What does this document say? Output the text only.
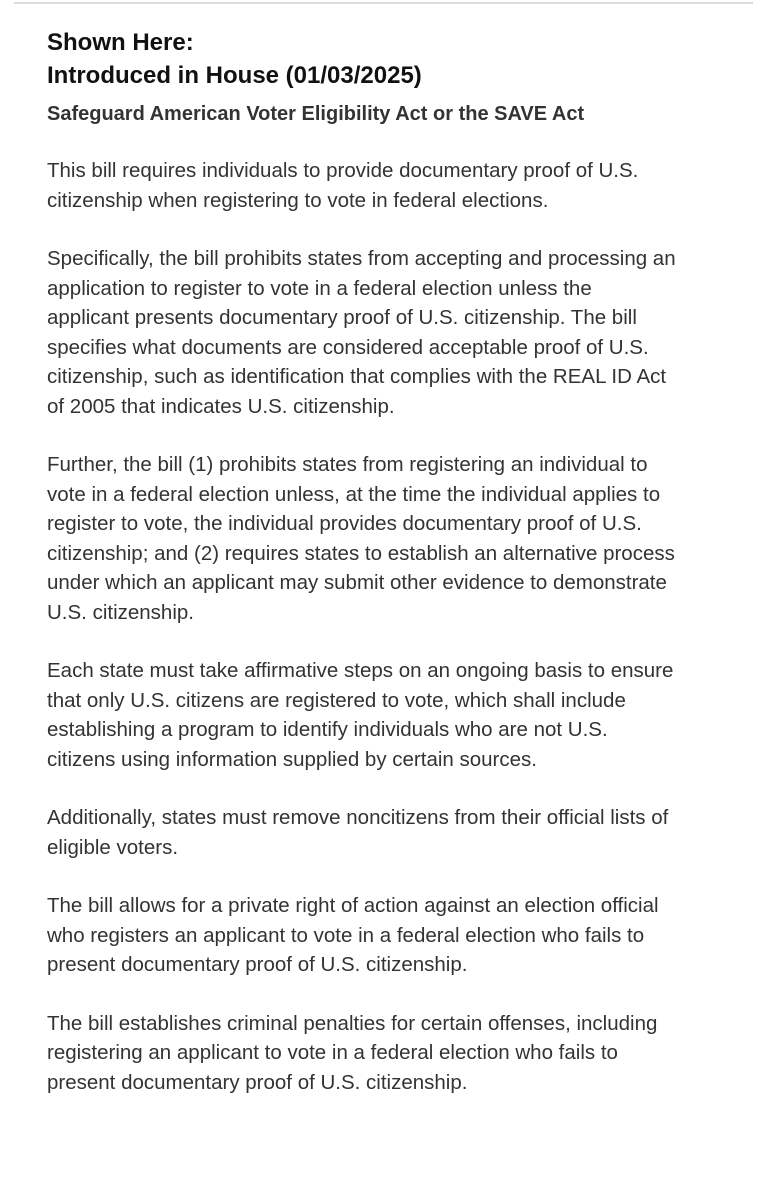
Shown Here:
Introduced in House (01/03/2025)
Safeguard American Voter Eligibility Act or the SAVE Act

This bill requires individuals to provide documentary proof of U.S.
citizenship when registering to vote in federal elections.

Specifically, the bill prohibits states from accepting and processing an
application to register to vote in a federal election unless the
applicant presents documentary proof of U.S. citizenship. The bill
specifies what documents are considered acceptable proof of U.S.
citizenship, such as identification that complies with the REAL ID Act
of 2005 that indicates U.S. citizenship.

Further, the bill (1) prohibits states from registering an individual to
vote in a federal election unless, at the time the individual applies to
register to vote, the individual provides documentary proof of U.S.
citizenship; and (2) requires states to establish an alternative process
under which an applicant may submit other evidence to demonstrate
U.S. citizenship.

Each state must take affirmative steps on an ongoing basis to ensure
that only U.S. citizens are registered to vote, which shall include
establishing a program to identify individuals who are not U.S.
citizens using information supplied by certain sources.

Additionally, states must remove noncitizens from their official lists of
eligible voters.

The bill allows for a private right of action against an election official
who registers an applicant to vote in a federal election who fails to
present documentary proof of U.S. citizenship.

The bill establishes criminal penalties for certain offenses, including
registering an applicant to vote in a federal election who fails to
present documentary proof of U.S. citizenship.
